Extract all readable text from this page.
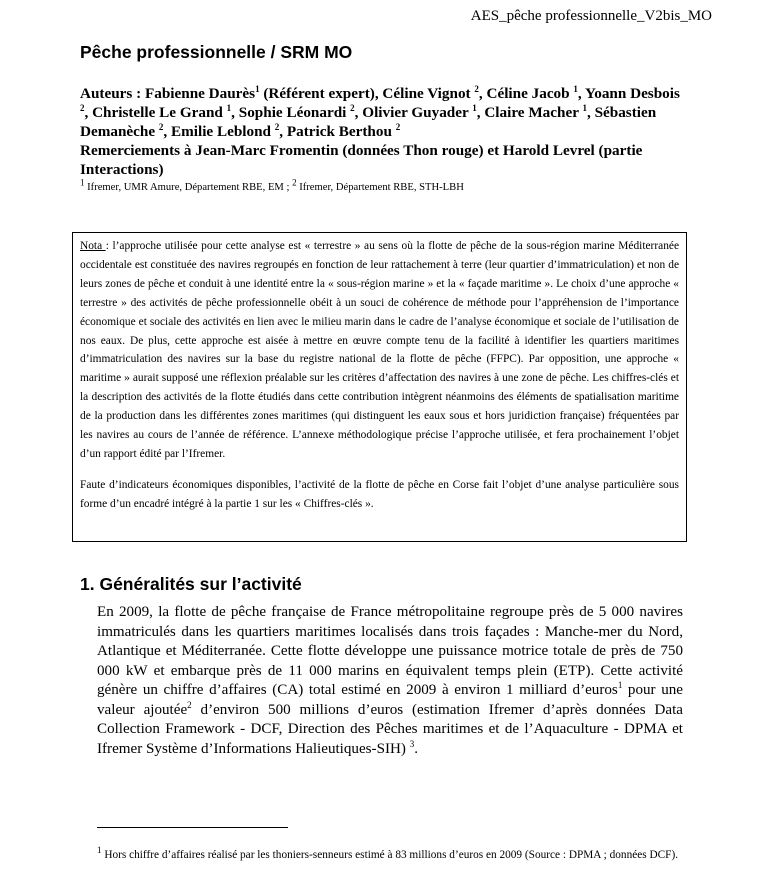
AES_pêche professionnelle_V2bis_MO
Pêche professionnelle / SRM MO
Auteurs : Fabienne Daurès$^1$ (Référent expert), Céline Vignot $^2$, Céline Jacob $^1$, Yoann Desbois $^2$, Christelle Le Grand $^1$, Sophie Léonardi $^2$, Olivier Guyader $^1$, Claire Macher $^1$, Sébastien Demanèche $^2$, Emilie Leblond $^2$, Patrick Berthou $^2$
Remerciements à Jean-Marc Fromentin (données Thon rouge) et Harold Levrel (partie Interactions)
$^1$ Ifremer, UMR Amure, Département RBE, EM ; $^2$ Ifremer, Département RBE, STH-LBH

Nota : l’approche utilisée pour cette analyse est « terrestre » au sens où la flotte de pêche de la sous-région marine Méditerranée occidentale est constituée des navires regroupés en fonction de leur rattachement à terre (leur quartier d’immatriculation) et non de leurs zones de pêche et conduit à une identité entre la « sous-région marine » et la « façade maritime ». Le choix d’une approche « terrestre » des activités de pêche professionnelle obéit à un souci de cohérence de méthode pour l’appréhension de l’importance économique et sociale des activités en lien avec le milieu marin dans le cadre de l’analyse économique et sociale de l’utilisation de nos eaux. De plus, cette approche est aisée à mettre en œuvre compte tenu de la facilité à identifier les quartiers maritimes d’immatriculation des navires sur la base du registre national de la flotte de pêche (FFPC). Par opposition, une approche « maritime » aurait supposé une réflexion préalable sur les critères d’affectation des navires à une zone de pêche. Les chiffres-clés et la description des activités de la flotte étudiés dans cette contribution intègrent néanmoins des éléments de spatialisation maritime de la production dans les différentes zones maritimes (qui distinguent les eaux sous et hors juridiction française) fréquentées par les navires au cours de l’année de référence. L’annexe méthodologique précise l’approche utilisée, et fera prochainement l’objet d’un rapport édité par l’Ifremer.

Faute d’indicateurs économiques disponibles, l’activité de la flotte de pêche en Corse fait l’objet d’une analyse particulière sous forme d’un encadré intégré à la partie 1 sur les « Chiffres-clés ».

1. Généralités sur l’activité
En 2009, la flotte de pêche française de France métropolitaine regroupe près de 5 000 navires immatriculés dans les quartiers maritimes localisés dans trois façades : Manche-mer du Nord, Atlantique et Méditerranée. Cette flotte développe une puissance motrice totale de près de 750 000 kW et embarque près de 11 000 marins en équivalent temps plein (ETP). Cette activité génère un chiffre d’affaires (CA) total estimé en 2009 à environ 1 milliard d’euros$^1$ pour une valeur ajoutée$^2$ d’environ 500 millions d’euros (estimation Ifremer d’après données Data Collection Framework - DCF, Direction des Pêches maritimes et de l’Aquaculture - DPMA et Ifremer Système d’Informations Halieutiques-SIH) $^3$.
$^1$ Hors chiffre d’affaires réalisé par les thoniers-senneurs estimé à 83 millions d’euros en 2009 (Source : DPMA ; données DCF).
